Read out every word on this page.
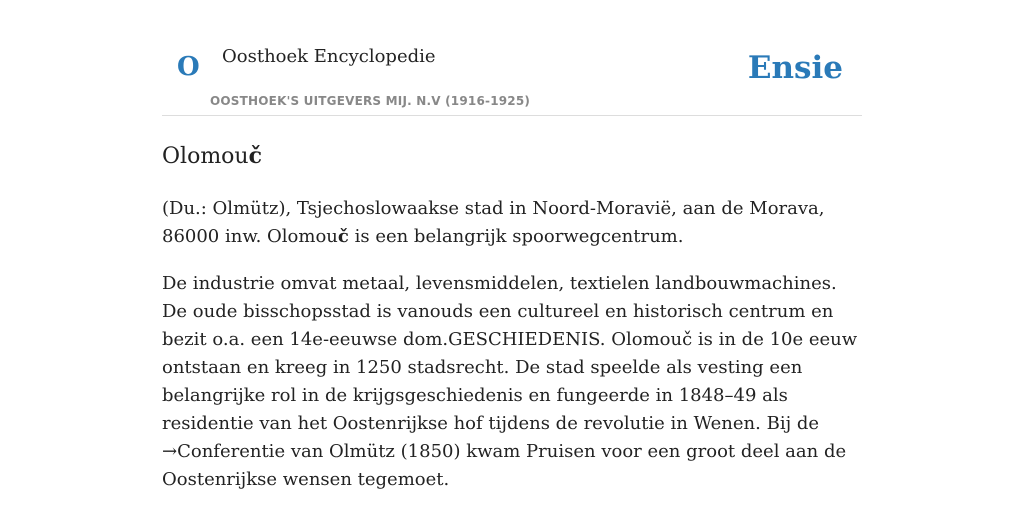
O Oosthoek Encyclopedie
OOSTHOEK'S UITGEVERS MIJ. N.V (1916-1925)
Ensie
Olomouč

(Du.: Olmütz), Tsjechoslowaakse stad in Noord-Moravië, aan de Morava, 86000 inw. Olomouč is een belangrijk spoorwegcentrum.

De industrie omvat metaal, levensmiddelen, textielen landbouwmachines. De oude bisschopsstad is vanouds een cultureel en historisch centrum en bezit o.a. een 14e-eeuwse dom.GESCHIEDENIS. Olomouč is in de 10e eeuw ontstaan en kreeg in 1250 stadsrecht. De stad speelde als vesting een belangrijke rol in de krijgsgeschiedenis en fungeerde in 1848–49 als residentie van het Oostenrijkse hof tijdens de revolutie in Wenen. Bij de →Conferentie van Olmütz (1850) kwam Pruisen voor een groot deel aan de Oostenrijkse wensen tegemoet.
